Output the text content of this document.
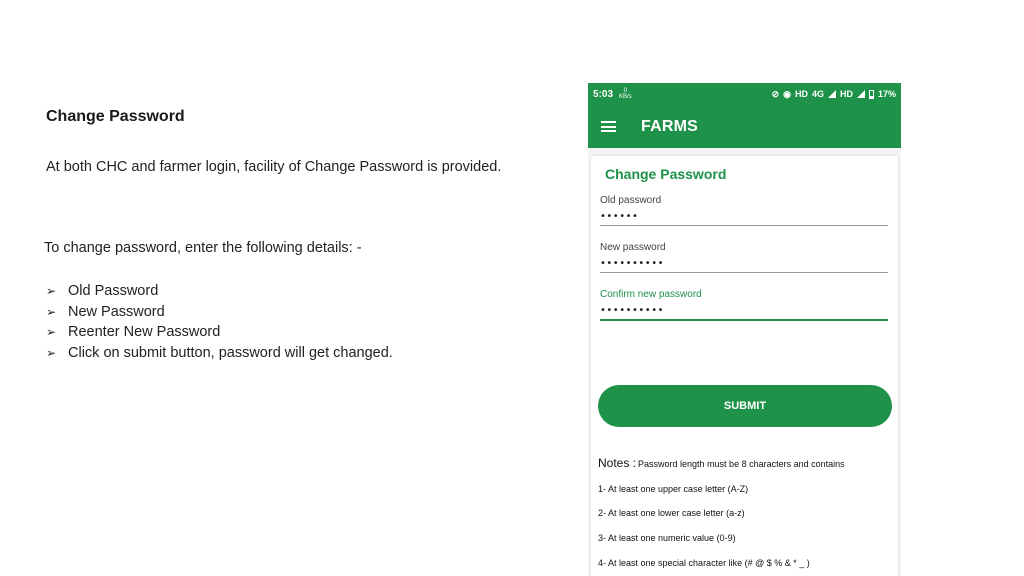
Change Password
At both CHC and farmer login, facility of Change Password is provided.
To change password, enter the following details: -
➢ Old Password
➢ New Password
➢ Reenter New Password
➢ Click on submit button, password will get changed.
5:03	0
KB/s	⊘ ◉ HD 4G HD	17%
FARMS
Change Password
Old password
••••••
New password
••••••••••
Confirm new password
••••••••••
SUBMIT
Notes : Password length must be 8 characters and contains
1- At least one upper case letter (A-Z)
2- At least one lower case letter (a-z)
3- At least one numeric value (0-9)
4- At least one special character like (# @ $ % & * _ )
